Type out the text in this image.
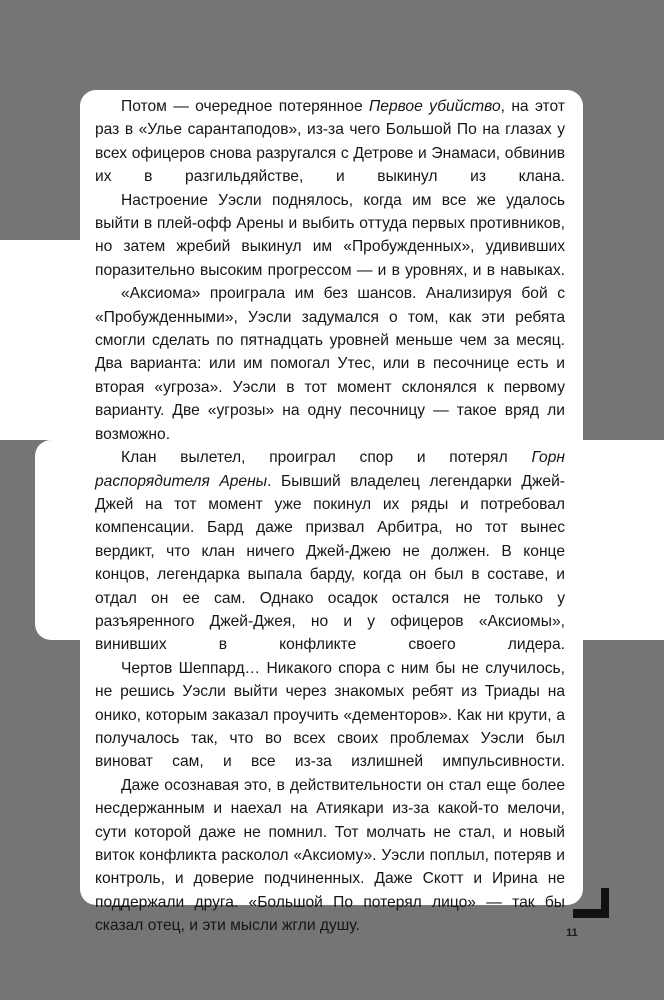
Потом — очередное потерянное Первое убийство, на этот раз в «Улье сарантаподов», из-за чего Большой По на глазах у всех офицеров снова разругался с Детрове и Энамаси, обвинив их в разгильдяйстве, и выкинул из клана.

Настроение Уэсли поднялось, когда им все же удалось выйти в плей-офф Арены и выбить оттуда первых противников, но затем жребий выкинул им «Пробужденных», удививших поразительно высоким прогрессом — и в уровнях, и в навыках.

«Аксиома» проиграла им без шансов. Анализируя бой с «Пробужденными», Уэсли задумался о том, как эти ребята смогли сделать по пятнадцать уровней меньше чем за месяц. Два варианта: или им помогал Утес, или в песочнице есть и вторая «угроза». Уэсли в тот момент склонялся к первому варианту. Две «угрозы» на одну песочницу — такое вряд ли возможно.

Клан вылетел, проиграл спор и потерял Горн распорядителя Арены. Бывший владелец легендарки Джей-Джей на тот момент уже покинул их ряды и потребовал компенсации. Бард даже призвал Арбитра, но тот вынес вердикт, что клан ничего Джей-Джею не должен. В конце концов, легендарка выпала барду, когда он был в составе, и отдал он ее сам. Однако осадок остался не только у разъяренного Джей-Джея, но и у офицеров «Аксиомы», винивших в конфликте своего лидера.

Чертов Шеппард… Никакого спора с ним бы не случилось, не решись Уэсли выйти через знакомых ребят из Триады на онико, которым заказал проучить «дементоров». Как ни крути, а получалось так, что во всех своих проблемах Уэсли был виноват сам, и все из-за излишней импульсивности.

Даже осознавая это, в действительности он стал еще более несдержанным и наехал на Атиякари из-за какой-то мелочи, сути которой даже не помнил. Тот молчать не стал, и новый виток конфликта расколол «Аксиому». Уэсли поплыл, потеряв и контроль, и доверие подчиненных. Даже Скотт и Ирина не поддержали друга. «Большой По потерял лицо» — так бы сказал отец, и эти мысли жгли душу.	11
